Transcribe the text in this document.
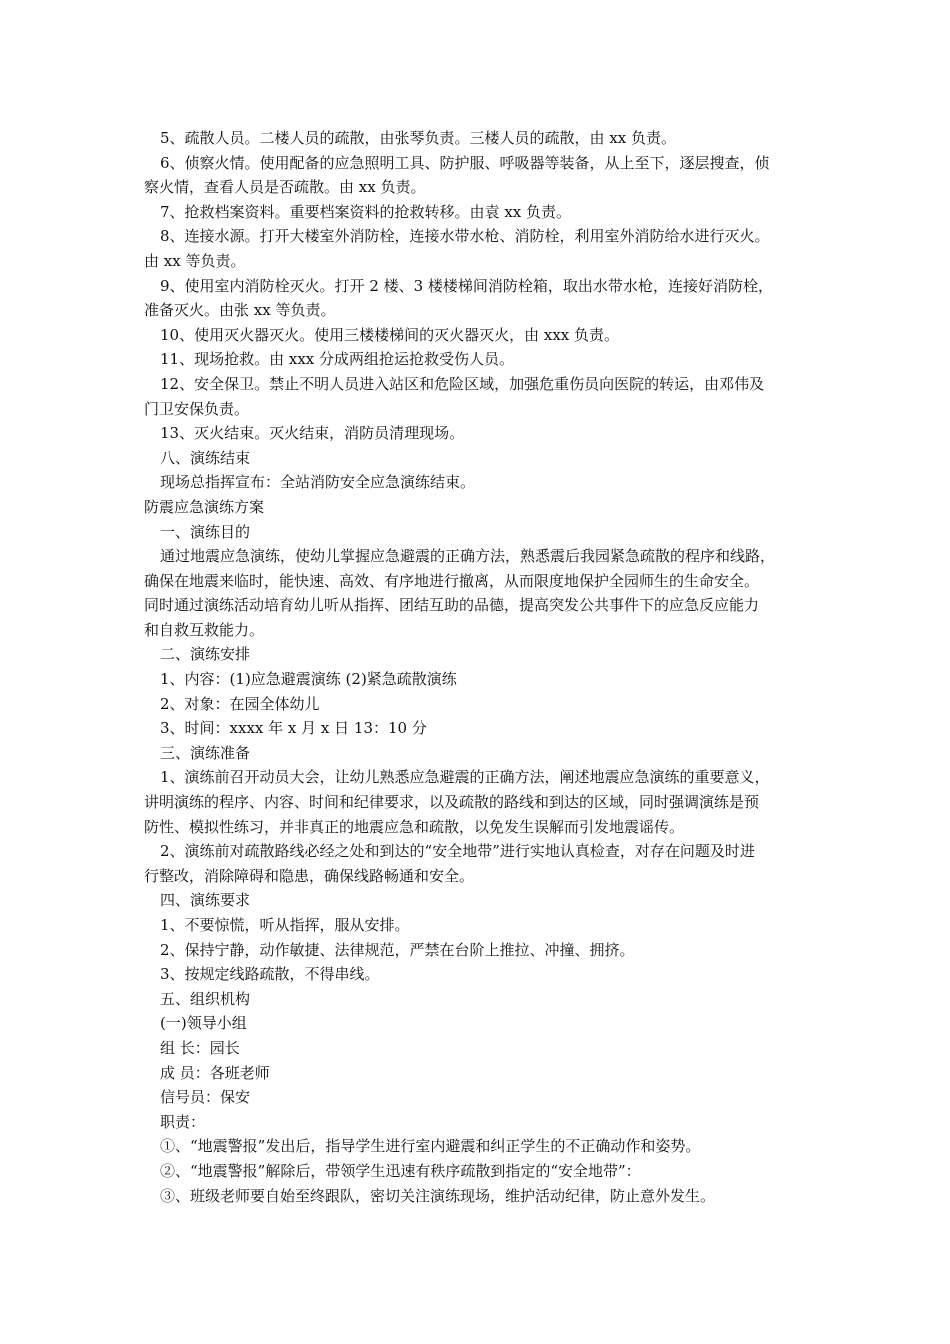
5、疏散人员。二楼人员的疏散，由张琴负责。三楼人员的疏散，由 xx 负责。
6、侦察火情。使用配备的应急照明工具、防护服、呼吸器等装备，从上至下，逐层搜查，侦
察火情，查看人员是否疏散。由 xx 负责。
7、抢救档案资料。重要档案资料的抢救转移。由袁 xx 负责。
8、连接水源。打开大楼室外消防栓，连接水带水枪、消防栓，利用室外消防给水进行灭火。
由 xx 等负责。
9、使用室内消防栓灭火。打开 2 楼、3 楼楼梯间消防栓箱，取出水带水枪，连接好消防栓，
准备灭火。由张 xx 等负责。
10、使用灭火器灭火。使用三楼楼梯间的灭火器灭火，由 xxx 负责。
11、现场抢救。由 xxx 分成两组抢运抢救受伤人员。
12、安全保卫。禁止不明人员进入站区和危险区域，加强危重伤员向医院的转运，由邓伟及
门卫安保负责。
13、灭火结束。灭火结束，消防员清理现场。
八、演练结束
现场总指挥宣布：全站消防安全应急演练结束。
防震应急演练方案
一、演练目的
通过地震应急演练，使幼儿掌握应急避震的正确方法，熟悉震后我园紧急疏散的程序和线路，
确保在地震来临时，能快速、高效、有序地进行撤离，从而限度地保护全园师生的生命安全。
同时通过演练活动培育幼儿听从指挥、团结互助的品德，提高突发公共事件下的应急反应能力
和自救互救能力。
二、演练安排
1、内容：(1)应急避震演练 (2)紧急疏散演练
2、对象：在园全体幼儿
3、时间：xxxx 年 x 月 x 日 13：10 分
三、演练准备
1、演练前召开动员大会，让幼儿熟悉应急避震的正确方法，阐述地震应急演练的重要意义，
讲明演练的程序、内容、时间和纪律要求，以及疏散的路线和到达的区域，同时强调演练是预
防性、模拟性练习，并非真正的地震应急和疏散，以免发生误解而引发地震谣传。
2、演练前对疏散路线必经之处和到达的“安全地带”进行实地认真检查，对存在问题及时进
行整改，消除障碍和隐患，确保线路畅通和安全。
四、演练要求
1、不要惊慌，听从指挥，服从安排。
2、保持宁静，动作敏捷、法律规范，严禁在台阶上推拉、冲撞、拥挤。
3、按规定线路疏散，不得串线。
五、组织机构
(一)领导小组
组 长：园长
成 员：各班老师
信号员：保安
职责：
①、“地震警报”发出后，指导学生进行室内避震和纠正学生的不正确动作和姿势。
②、“地震警报”解除后，带领学生迅速有秩序疏散到指定的“安全地带”：
③、班级老师要自始至终跟队，密切关注演练现场，维护活动纪律，防止意外发生。
